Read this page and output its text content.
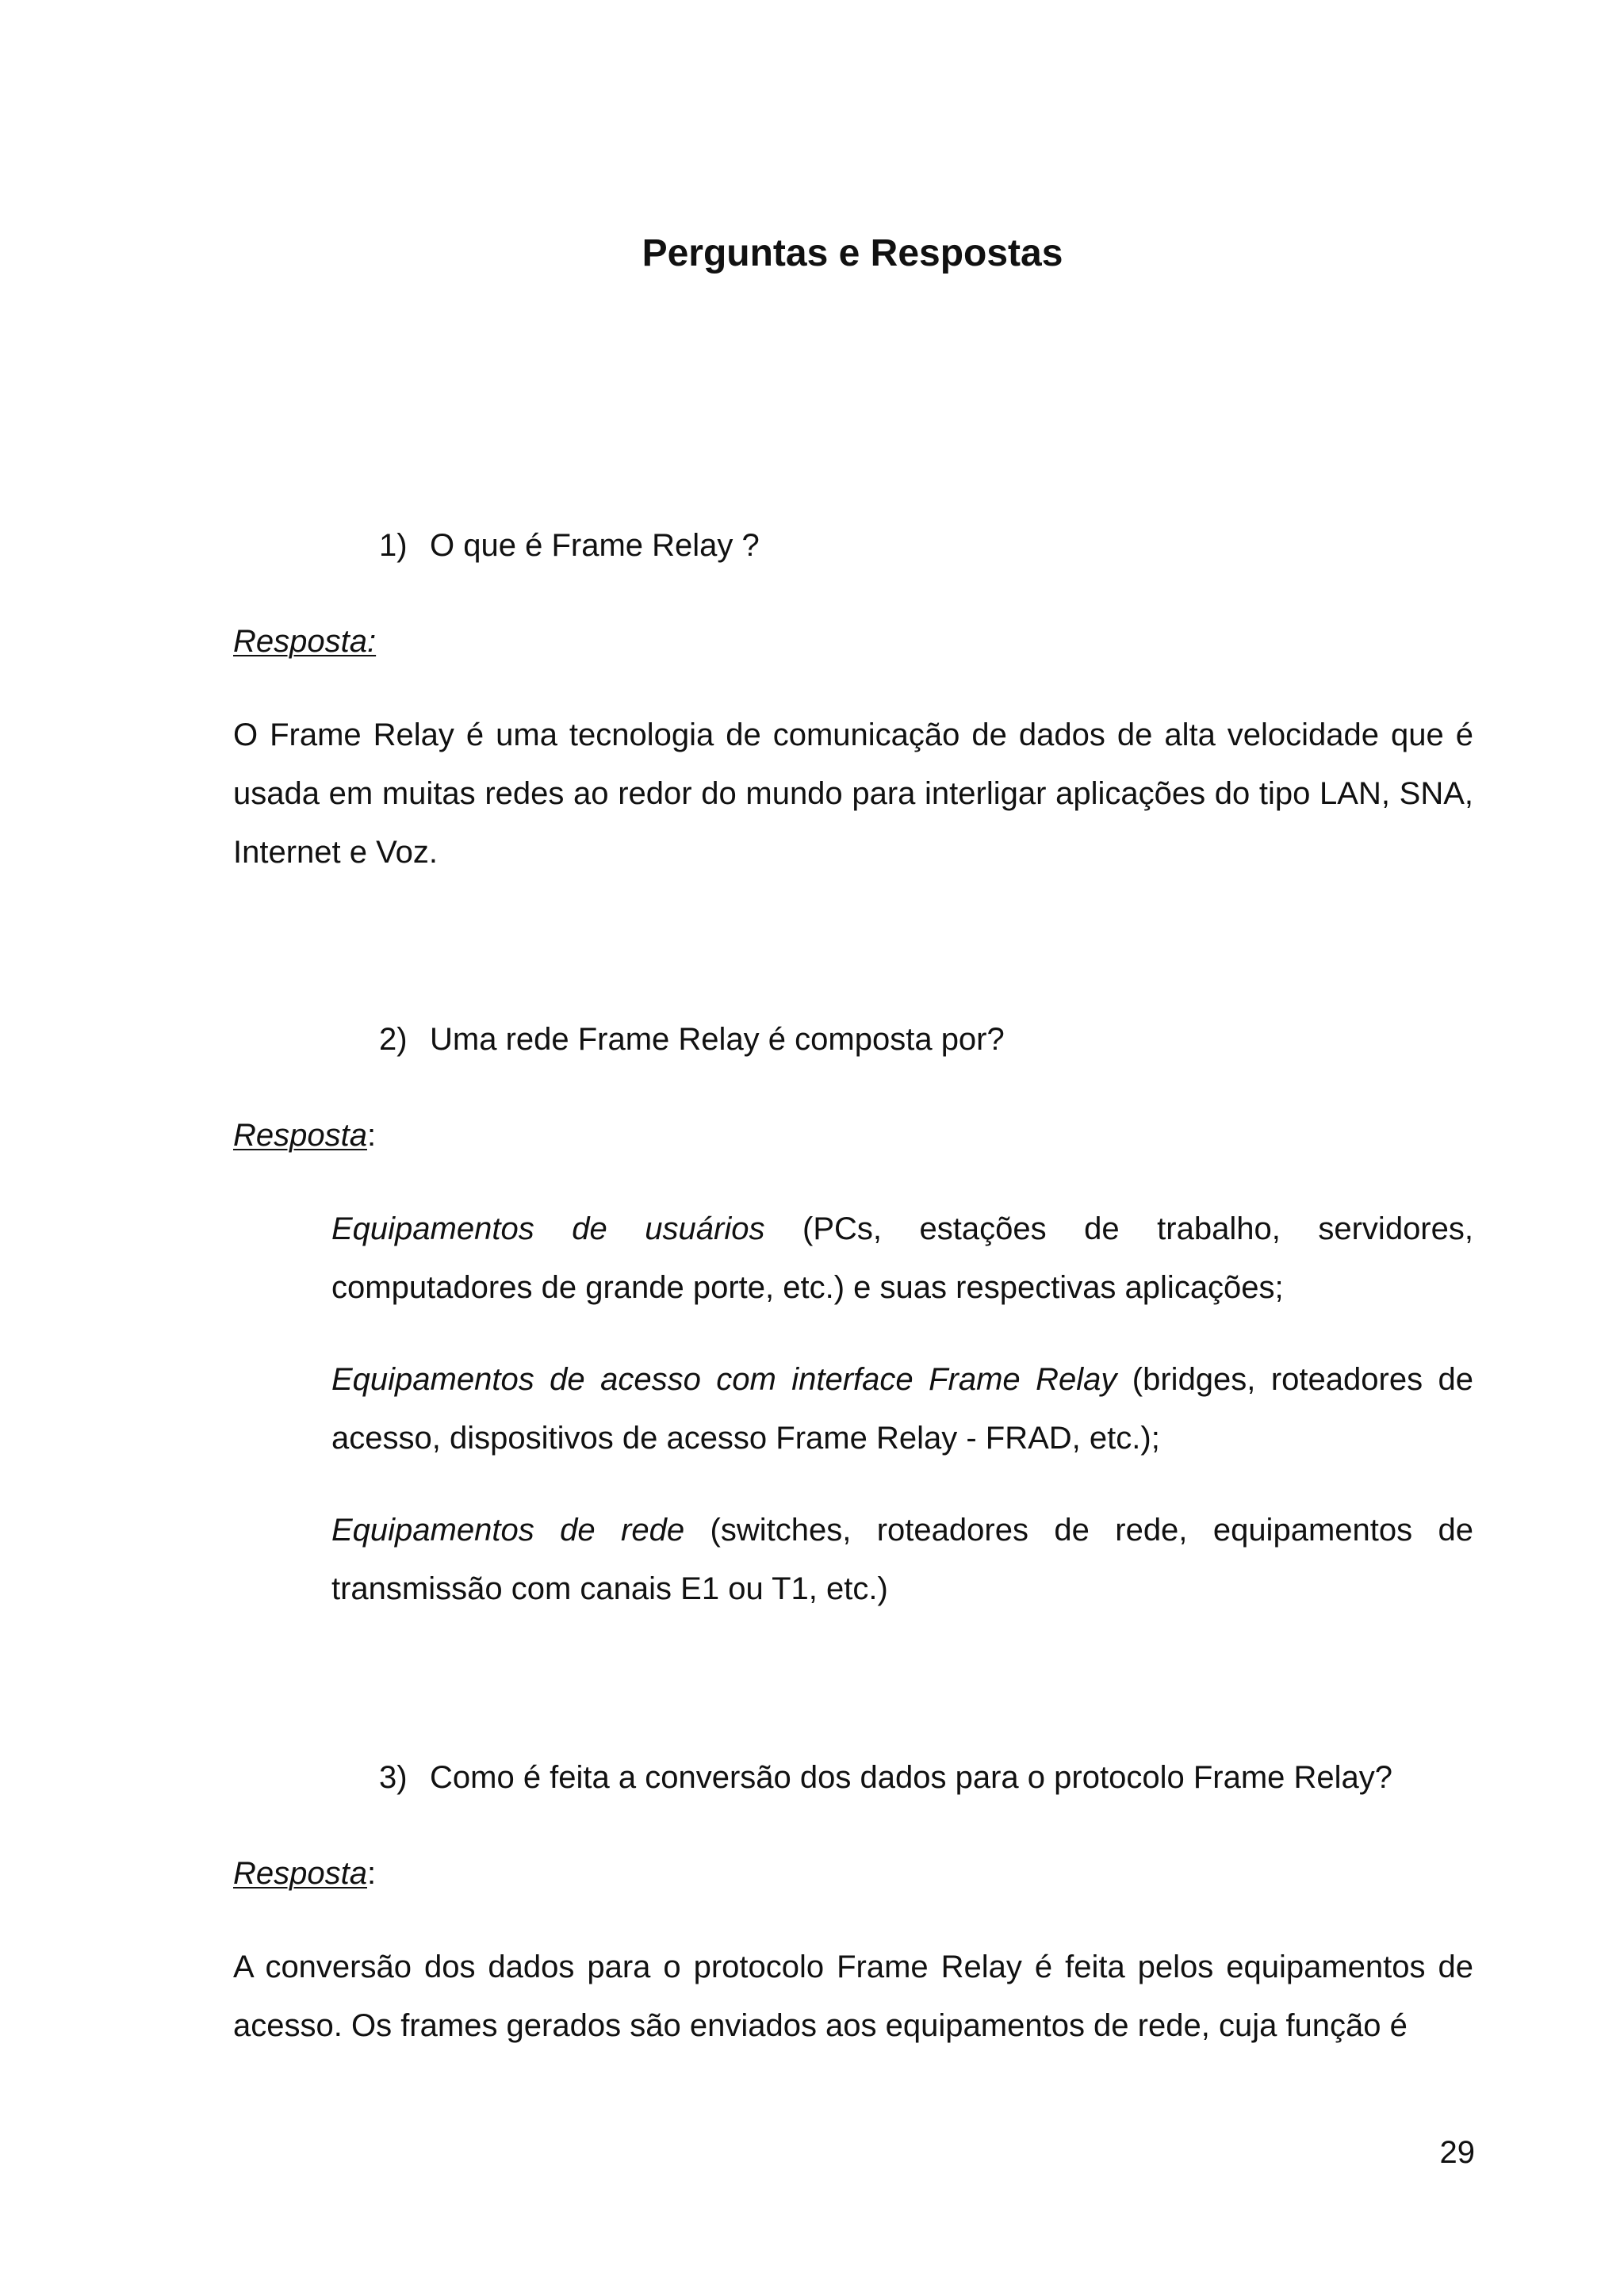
Perguntas e Respostas
1) O que é Frame Relay ?
Resposta:
O Frame Relay é uma tecnologia de comunicação de dados de alta velocidade que é usada em muitas redes ao redor do mundo para interligar aplicações do tipo LAN, SNA, Internet e Voz.
2) Uma rede Frame Relay é composta por?
Resposta:
Equipamentos de usuários (PCs, estações de trabalho, servidores, computadores de grande porte, etc.) e suas respectivas aplicações;
Equipamentos de acesso com interface Frame Relay (bridges, roteadores de acesso, dispositivos de acesso Frame Relay - FRAD, etc.);
Equipamentos de rede (switches, roteadores de rede, equipamentos de transmissão com canais E1 ou T1, etc.)
3) Como é feita a conversão dos dados para o protocolo Frame Relay?
Resposta:
A conversão dos dados para o protocolo Frame Relay é feita pelos equipamentos de acesso. Os frames gerados são enviados aos equipamentos de rede, cuja função é
29
